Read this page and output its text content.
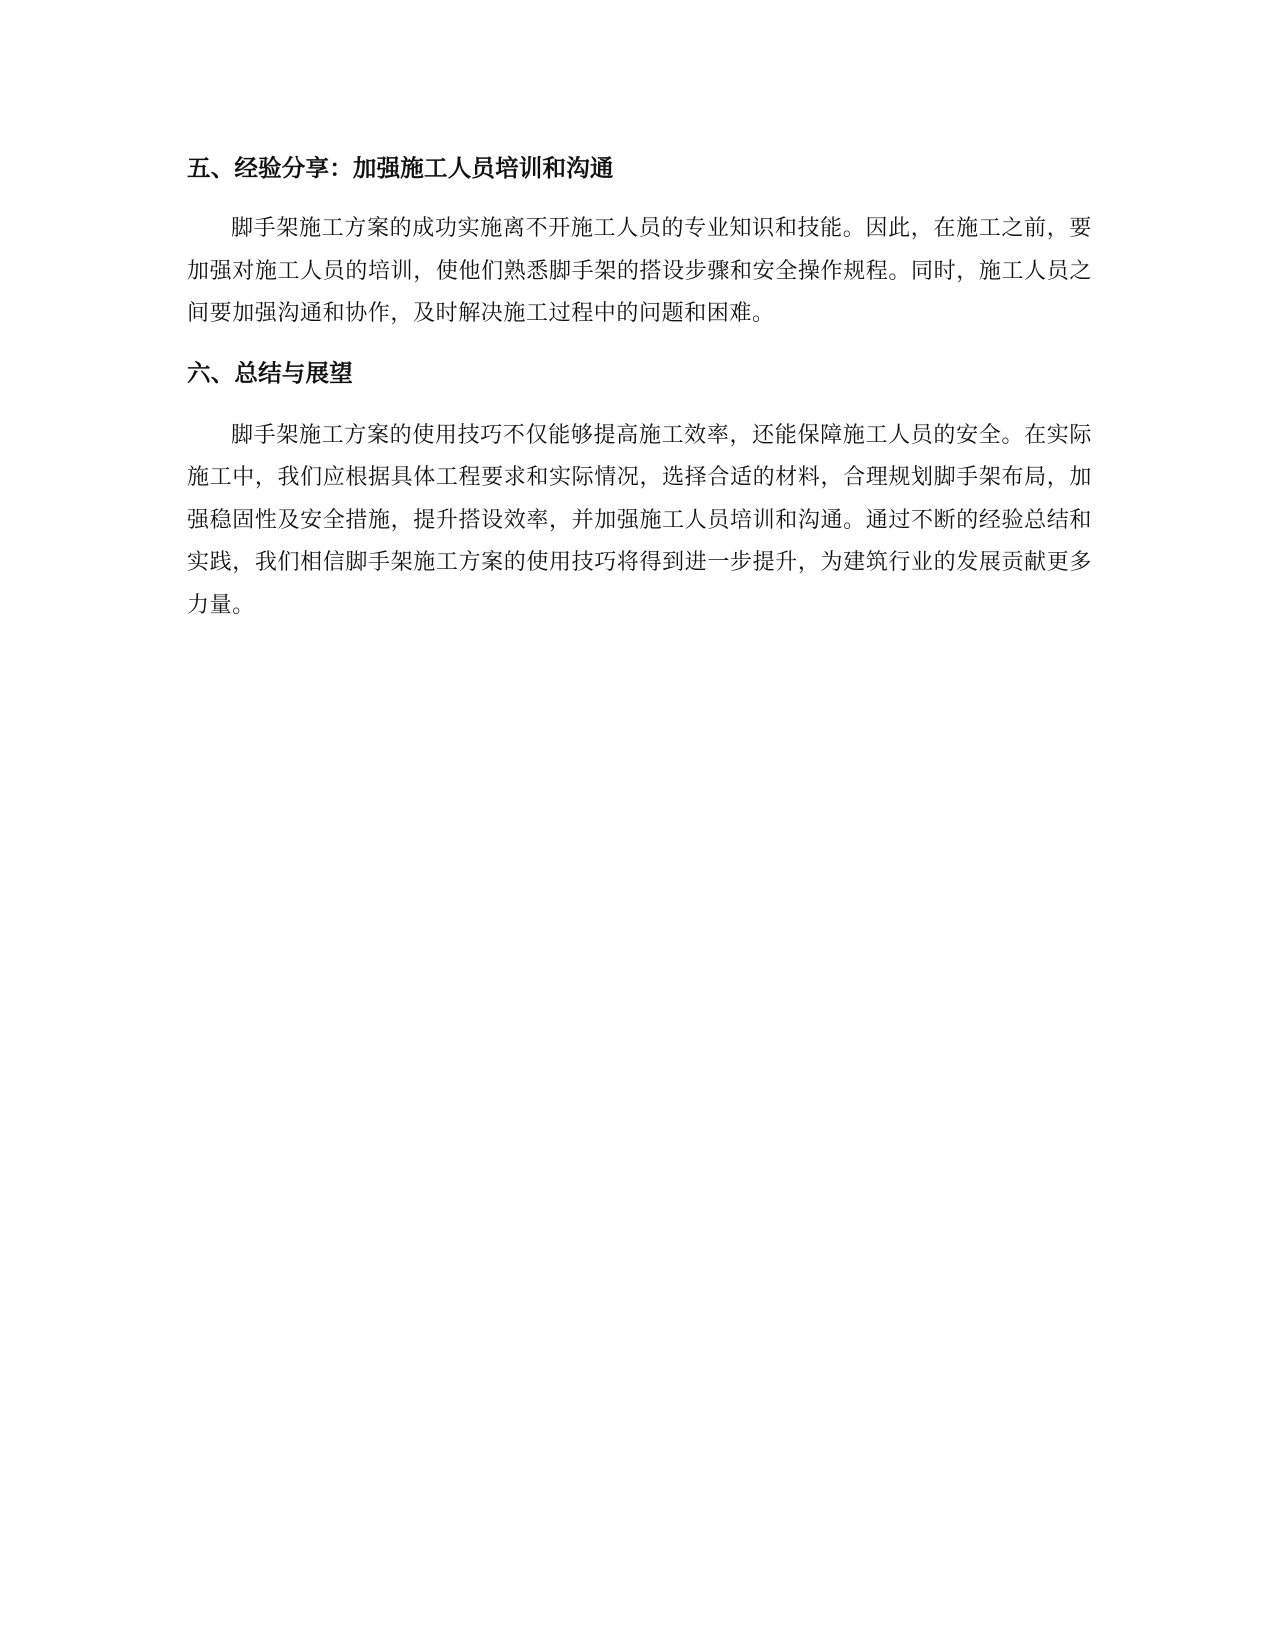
五、经验分享：加强施工人员培训和沟通

脚手架施工方案的成功实施离不开施工人员的专业知识和技能。因此，在施工之前，要加强对施工人员的培训，使他们熟悉脚手架的搭设步骤和安全操作规程。同时，施工人员之间要加强沟通和协作，及时解决施工过程中的问题和困难。

六、总结与展望

脚手架施工方案的使用技巧不仅能够提高施工效率，还能保障施工人员的安全。在实际施工中，我们应根据具体工程要求和实际情况，选择合适的材料，合理规划脚手架布局，加强稳固性及安全措施，提升搭设效率，并加强施工人员培训和沟通。通过不断的经验总结和实践，我们相信脚手架施工方案的使用技巧将得到进一步提升，为建筑行业的发展贡献更多力量。
